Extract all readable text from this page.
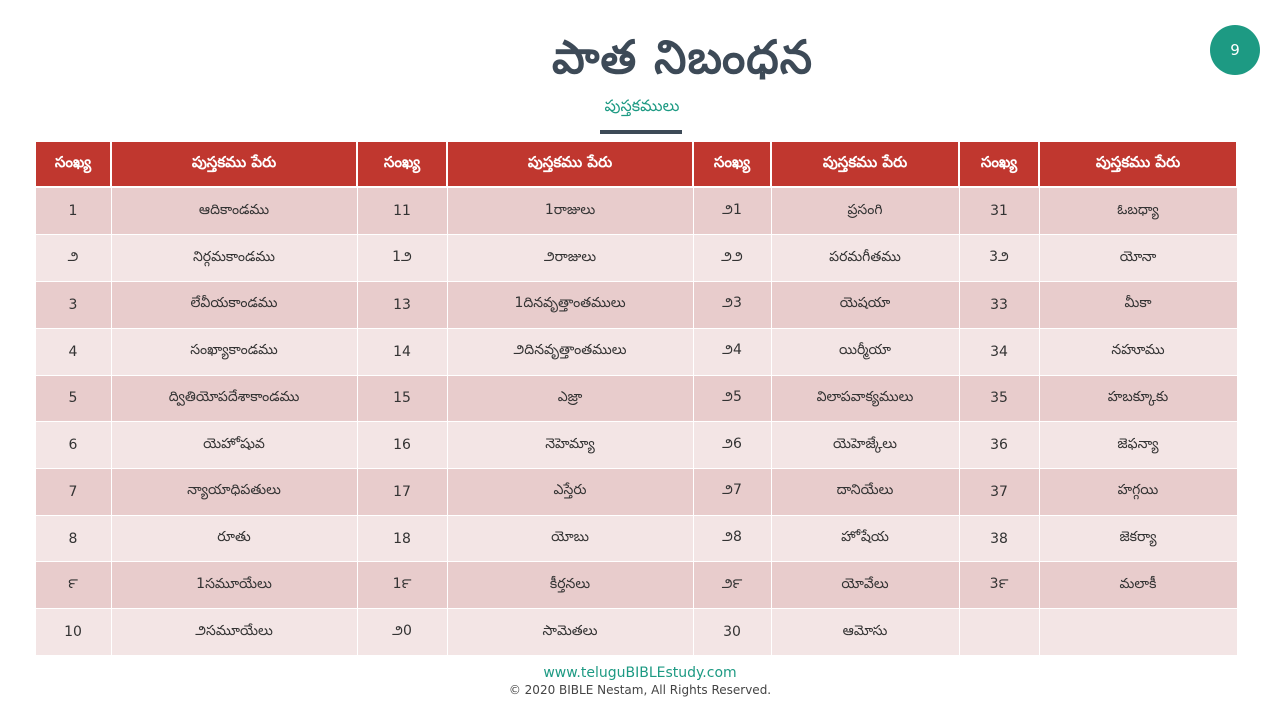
పాత నిబంధన	9
పుస్తకములు
సంఖ్య	పుస్తకము పేరు	సంఖ్య	పుస్తకము పేరు	సంఖ్య	పుస్తకము పేరు	సంఖ్య	పుస్తకము పేరు
1	ఆదికాండము	11	1రాజులు	౨1	ప్రసంగి	31	ఓబధ్యా
౨	నిర్గమకాండము	1౨	౨రాజులు	౨౨	పరమగీతము	3౨	యోనా
3	లేవీయకాండము	13	1దినవృత్తాంతములు	౨3	యెషయా	33	మీకా
4	సంఖ్యాకాండము	14	౨దినవృత్తాంతములు	౨4	యిర్మీయా	34	నహూము
5	ద్వితియోపదేశాకాండము	15	ఎజ్రా	౨5	విలాపవాక్యములు	35	హబక్కూకు
6	యెహోషువ	16	నెహెమ్యా	౨6	యెహెజ్కేలు	36	జెఫన్యా
7	న్యాయాధిపతులు	17	ఎస్తేరు	౨7	దానియేలు	37	హగ్గయి
8	రూతు	18	యోబు	౨8	హోషేయ	38	జెకర్యా
౯	1సమూయేలు	1౯	కీర్తనలు	౨౯	యోవేలు	3౯	మలాకీ
10	౨సమూయేలు	౨0	సామెతలు	30	ఆమోసు		
www.teluguBIBLEstudy.com
© 2020 BIBLE Nestam, All Rights Reserved.
